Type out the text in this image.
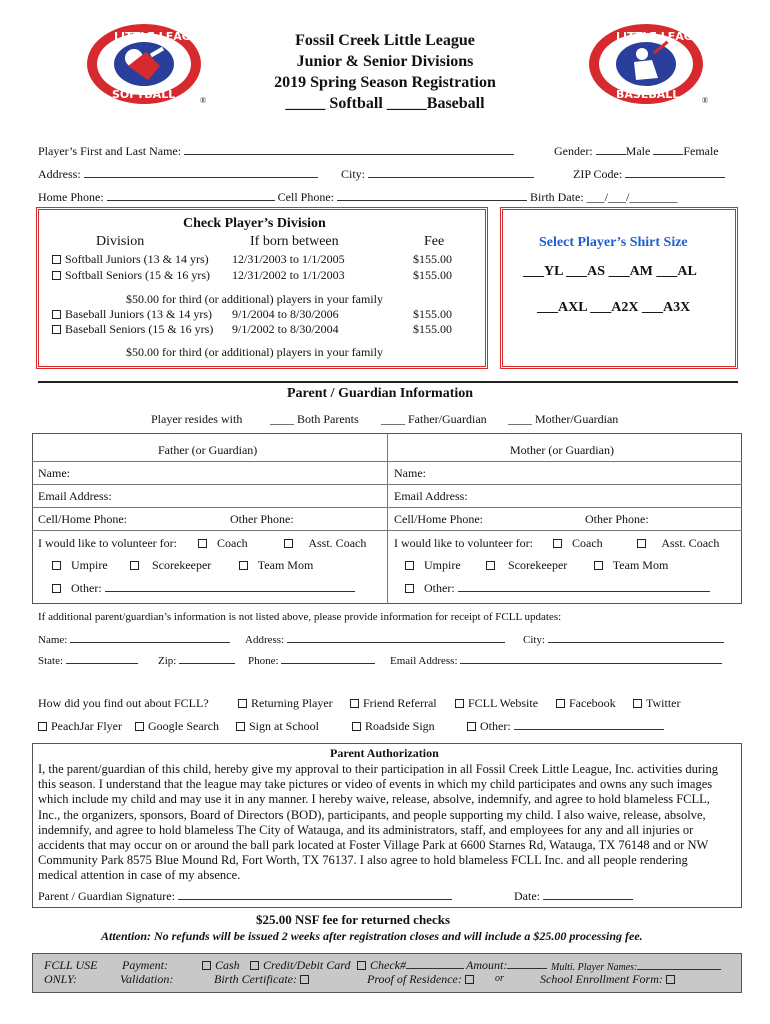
LITTLE LEAGUE
SOFTBALL	®
LITTLE LEAGUE
BASEBALL	®
Fossil Creek Little League
Junior & Senior Divisions
2019 Spring Season Registration
_____ Softball _____Baseball
Player’s First and Last Name:	Gender:	Male	Female
Address:	City:	ZIP Code:
Home Phone:	Cell Phone:	Birth Date: ___/___/________
Check Player’s Division
Division	If born between	Fee
Softball Juniors (13 & 14 yrs) 12/31/2003 to 1/1/2005	$155.00
Softball Seniors (15 & 16 yrs) 12/31/2002 to 1/1/2003	$155.00
$50.00 for third (or additional) players in your family
Baseball Juniors (13 & 14 yrs) 9/1/2004 to 8/30/2006	$155.00
Baseball Seniors (15 & 16 yrs) 9/1/2002 to 8/30/2004	$155.00
$50.00 for third (or additional) players in your family
Select Player’s Shirt Size
___YL ___AS ___AM ___AL
___AXL ___A2X ___A3X
Parent / Guardian Information
Player resides with ____ Both Parents ____ Father/Guardian ____ Mother/Guardian
Father (or Guardian)
Name:
Email Address:
Cell/Home Phone:	Other Phone:
I would like to volunteer for:	Coach	Asst. Coach
Umpire	Scorekeeper	Team Mom
Other:
Mother (or Guardian)
Name:
Email Address:
Cell/Home Phone:	Other Phone:
I would like to volunteer for:	Coach	Asst. Coach
Umpire	Scorekeeper	Team Mom
Other:
If additional parent/guardian’s information is not listed above, please provide information for receipt of FCLL updates:
Name:	Address:	City:
State:	Zip:	Phone:	Email Address:
How did you find out about FCLL?	Returning Player	Friend Referral	FCLL Website	Facebook	Twitter
PeachJar Flyer	Google Search	Sign at School	Roadside Sign	Other:
Parent Authorization
I, the parent/guardian of this child, hereby give my approval to their participation in all Fossil Creek Little League, Inc. activities during
this season. I understand that the league may take pictures or video of events in which my child participates and owns any such images
which include my child and may use it in any manner. I hereby waive, release, absolve, indemnify, and agree to hold blameless FCLL,
Inc., the organizers, sponsors, Board of Directors (BOD), participants, and people supporting my child. I also waive, release, absolve,
indemnify, and agree to hold blameless The City of Watauga, and its administrators, staff, and employees for any and all injuries or
accidents that may occur on or around the ball park located at Foster Village Park at 6600 Starnes Rd, Watauga, TX 76148 and or NW
Community Park 8575 Blue Mound Rd, Fort Worth, TX 76137. I also agree to hold blameless FCLL Inc. and all people rendering
medical attention in case of my absence.
Parent / Guardian Signature:	Date:
$25.00 NSF fee for returned checks
Attention: No refunds will be issued 2 weeks after registration closes and will include a $25.00 processing fee.
FCLL USE
ONLY:
Payment:
Validation:
Cash	Credit/Debit Card	Check#	Amount:	Multi. Player Names:
Birth Certificate:	Proof of Residence:	or	School Enrollment Form:
